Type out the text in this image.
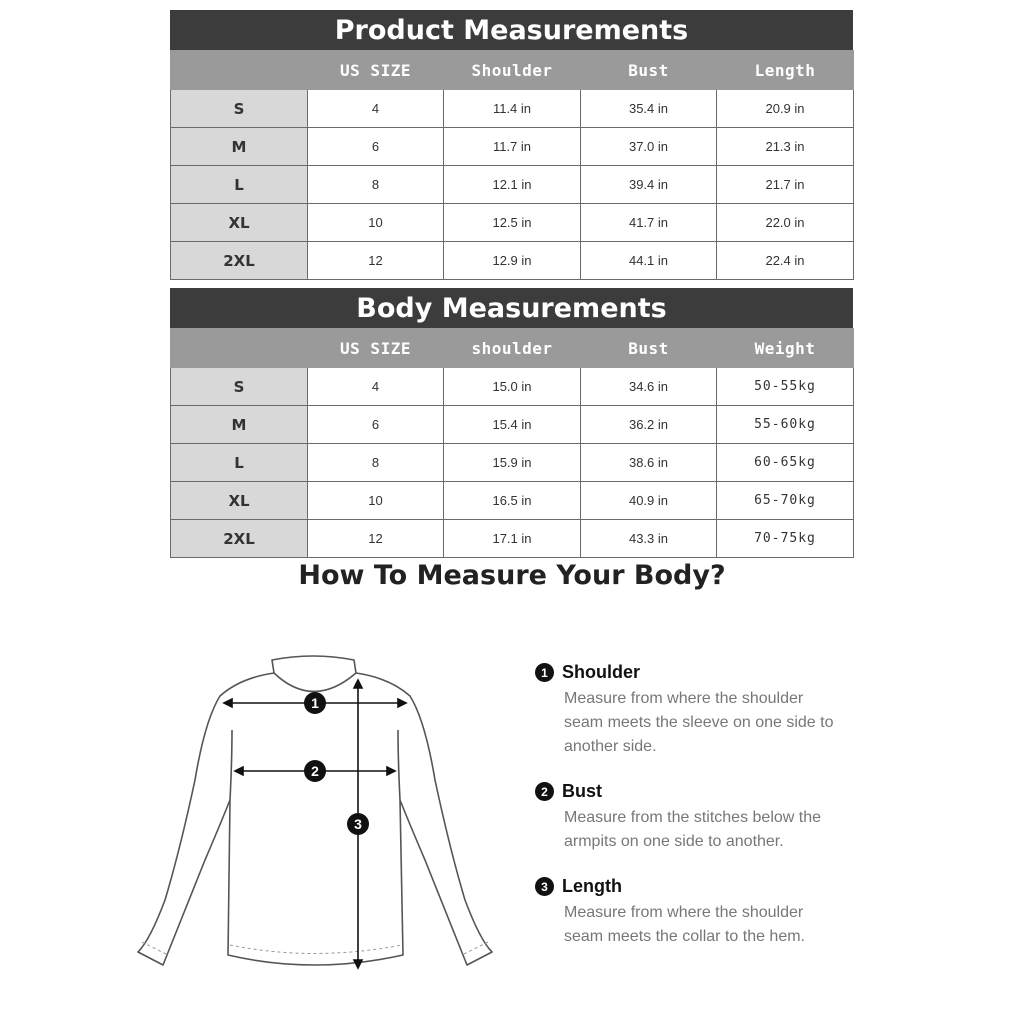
Product Measurements
	US SIZE	Shoulder	Bust	Length
S	4	11.4 in	35.4 in	20.9 in
M	6	11.7 in	37.0 in	21.3 in
L	8	12.1 in	39.4 in	21.7 in
XL	10	12.5 in	41.7 in	22.0 in
2XL	12	12.9 in	44.1 in	22.4 in
Body Measurements
	US SIZE	shoulder	Bust	Weight
S	4	15.0 in	34.6 in	50-55kg
M	6	15.4 in	36.2 in	55-60kg
L	8	15.9 in	38.6 in	60-65kg
XL	10	16.5 in	40.9 in	65-70kg
2XL	12	17.1 in	43.3 in	70-75kg
How To Measure Your Body?
1
2
3
1 Shoulder
Measure from where the shoulder
seam meets the sleeve on one side to
another side.
2 Bust
Measure from the stitches below the
armpits on one side to another.
3 Length
Measure from where the shoulder
seam meets the collar to the hem.
